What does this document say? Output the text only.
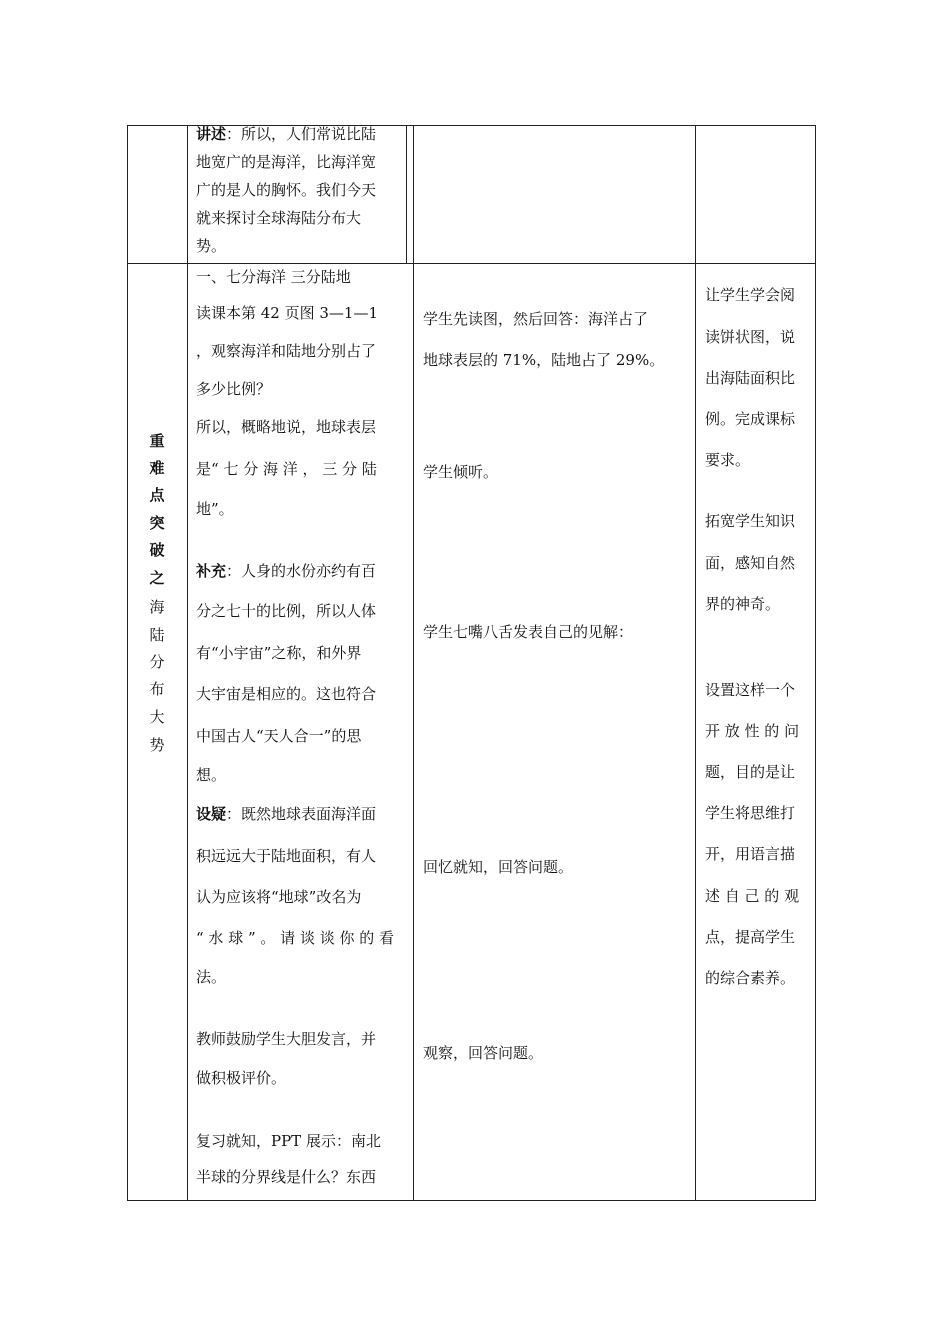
讲述：所以，人们常说比陆
地宽广的是海洋，比海洋宽
广的是人的胸怀。我们今天
就来探讨全球海陆分布大
势。
重
难
点
突
破
之
海
陆
分
布
大
势
一、七分海洋 三分陆地
读课本第 42 页图 3—1—1
，观察海洋和陆地分别占了
多少比例？
所以，概略地说，地球表层
是“ 七 分 海 洋 ， 三 分 陆
地”。
补充：人身的水份亦约有百
分之七十的比例，所以人体
有“小宇宙”之称，和外界
大宇宙是相应的。这也符合
中国古人“天人合一”的思
想。
设疑：既然地球表面海洋面
积远远大于陆地面积，有人
认为应该将“地球”改名为
“ 水 球 ” 。 请 谈 谈 你 的 看
法。
教师鼓励学生大胆发言，并
做积极评价。
复习就知，PPT 展示：南北
半球的分界线是什么？东西
学生先读图，然后回答：海洋占了
地球表层的 71%，陆地占了 29%。
学生倾听。
学生七嘴八舌发表自己的见解：
回忆就知，回答问题。
观察，回答问题。
让学生学会阅
读饼状图，说
出海陆面积比
例。完成课标
要求。
拓宽学生知识
面，感知自然
界的神奇。
设置这样一个
开 放 性 的 问
题，目的是让
学生将思维打
开，用语言描
述 自 己 的 观
点，提高学生
的综合素养。
